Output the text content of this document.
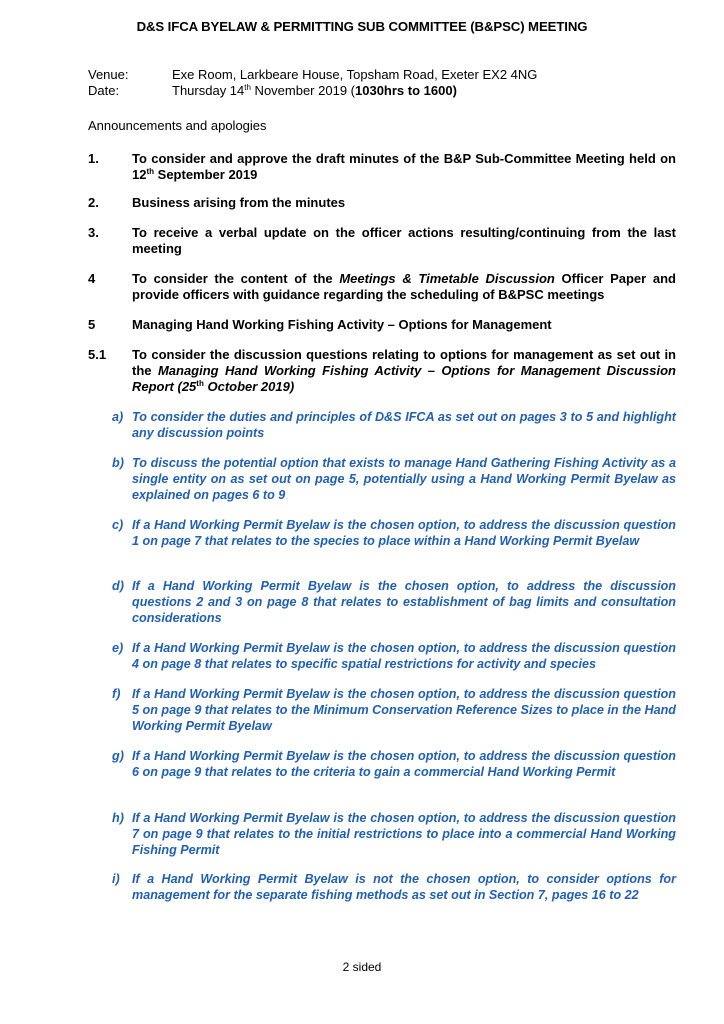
D&S IFCA BYELAW & PERMITTING SUB COMMITTEE (B&PSC) MEETING
Venue:	Exe Room, Larkbeare House, Topsham Road, Exeter EX2 4NG
Date:	Thursday 14th November 2019 (1030hrs to 1600)
Announcements and apologies
1.	To consider and approve the draft minutes of the B&P Sub-Committee Meeting held on 12th September 2019
2.	Business arising from the minutes
3.	To receive a verbal update on the officer actions resulting/continuing from the last meeting
4	To consider the content of the Meetings & Timetable Discussion Officer Paper and provide officers with guidance regarding the scheduling of B&PSC meetings
5	Managing Hand Working Fishing Activity – Options for Management
5.1 To consider the discussion questions relating to options for management as set out in the Managing Hand Working Fishing Activity – Options for Management Discussion Report (25th October 2019)
a) To consider the duties and principles of D&S IFCA as set out on pages 3 to 5 and highlight any discussion points
b) To discuss the potential option that exists to manage Hand Gathering Fishing Activity as a single entity on as set out on page 5, potentially using a Hand Working Permit Byelaw as explained on pages 6 to 9
c) If a Hand Working Permit Byelaw is the chosen option, to address the discussion question 1 on page 7 that relates to the species to place within a Hand Working Permit Byelaw
d) If a Hand Working Permit Byelaw is the chosen option, to address the discussion questions 2 and 3 on page 8 that relates to establishment of bag limits and consultation considerations
e) If a Hand Working Permit Byelaw is the chosen option, to address the discussion question 4 on page 8 that relates to specific spatial restrictions for activity and species
f) If a Hand Working Permit Byelaw is the chosen option, to address the discussion question 5 on page 9 that relates to the Minimum Conservation Reference Sizes to place in the Hand Working Permit Byelaw
g) If a Hand Working Permit Byelaw is the chosen option, to address the discussion question 6 on page 9 that relates to the criteria to gain a commercial Hand Working Permit
h) If a Hand Working Permit Byelaw is the chosen option, to address the discussion question 7 on page 9 that relates to the initial restrictions to place into a commercial Hand Working Fishing Permit
i) If a Hand Working Permit Byelaw is not the chosen option, to consider options for management for the separate fishing methods as set out in Section 7, pages 16 to 22
2 sided
